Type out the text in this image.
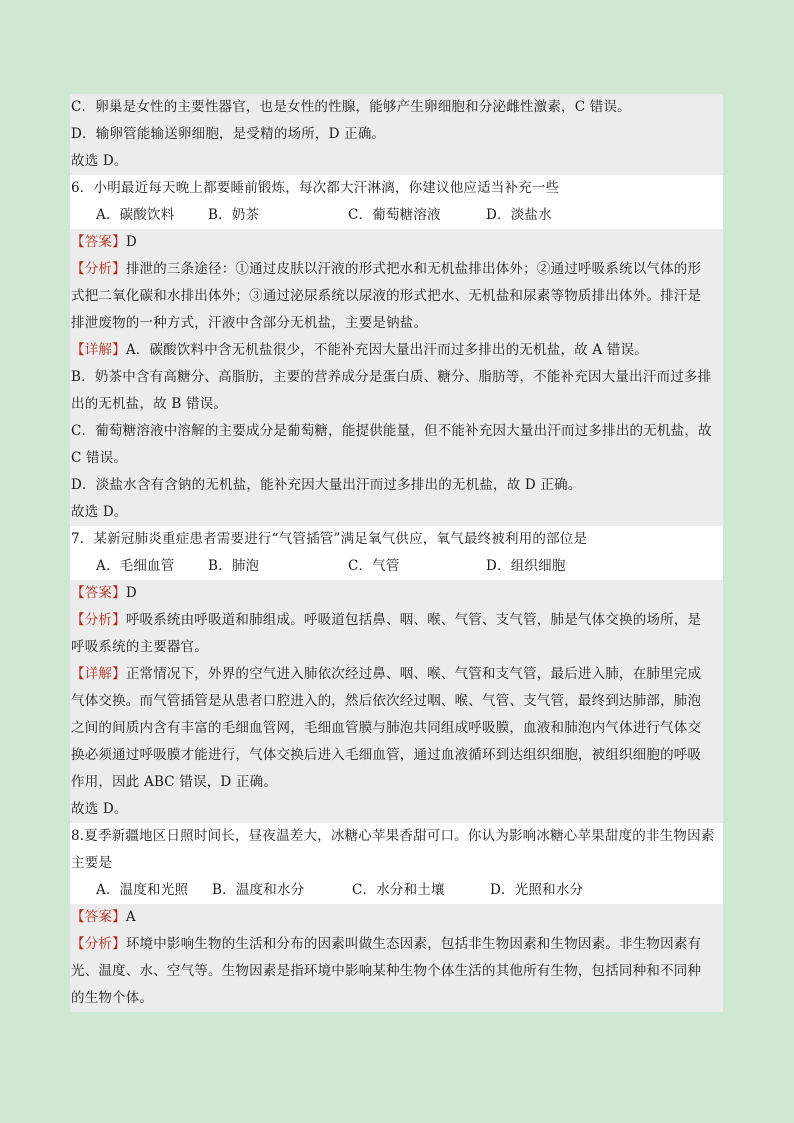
C．卵巢是女性的主要性器官，也是女性的性腺，能够产生卵细胞和分泌雌性激素，C 错误。
D．输卵管能输送卵细胞，是受精的场所，D 正确。
故选 D。
6．小明最近每天晚上都要睡前锻炼，每次都大汗淋漓，你建议他应适当补充一些
A．碳酸饮料	B．奶茶	C．葡萄糖溶液	D．淡盐水
【答案】D
【分析】排泄的三条途径：①通过皮肤以汗液的形式把水和无机盐排出体外；②通过呼吸系统以气体的形
式把二氧化碳和水排出体外；③通过泌尿系统以尿液的形式把水、无机盐和尿素等物质排出体外。排汗是
排泄废物的一种方式，汗液中含部分无机盐，主要是钠盐。
【详解】A．碳酸饮料中含无机盐很少，不能补充因大量出汗而过多排出的无机盐，故 A 错误。
B．奶茶中含有高糖分、高脂肪，主要的营养成分是蛋白质、糖分、脂肪等，不能补充因大量出汗而过多排
出的无机盐，故 B 错误。
C．葡萄糖溶液中溶解的主要成分是葡萄糖，能提供能量，但不能补充因大量出汗而过多排出的无机盐，故
C 错误。
D．淡盐水含有含钠的无机盐，能补充因大量出汗而过多排出的无机盐，故 D 正确。
故选 D。
7．某新冠肺炎重症患者需要进行“气管插管”满足氧气供应，氧气最终被利用的部位是
A．毛细血管	B．肺泡	C．气管	D．组织细胞
【答案】D
【分析】呼吸系统由呼吸道和肺组成。呼吸道包括鼻、咽、喉、气管、支气管，肺是气体交换的场所，是
呼吸系统的主要器官。
【详解】正常情况下，外界的空气进入肺依次经过鼻、咽、喉、气管和支气管，最后进入肺，在肺里完成
气体交换。而气管插管是从患者口腔进入的，然后依次经过咽、喉、气管、支气管，最终到达肺部，肺泡
之间的间质内含有丰富的毛细血管网，毛细血管膜与肺泡共同组成呼吸膜，血液和肺泡内气体进行气体交
换必须通过呼吸膜才能进行，气体交换后进入毛细血管，通过血液循环到达组织细胞，被组织细胞的呼吸
作用，因此 ABC 错误，D 正确。
故选 D。
8.夏季新疆地区日照时间长，昼夜温差大，冰糖心苹果香甜可口。你认为影响冰糖心苹果甜度的非生物因素
主要是
A．温度和光照	B．温度和水分	C．水分和土壤	D．光照和水分
【答案】A
【分析】环境中影响生物的生活和分布的因素叫做生态因素，包括非生物因素和生物因素。非生物因素有
光、温度、水、空气等。生物因素是指环境中影响某种生物个体生活的其他所有生物，包括同种和不同种
的生物个体。
